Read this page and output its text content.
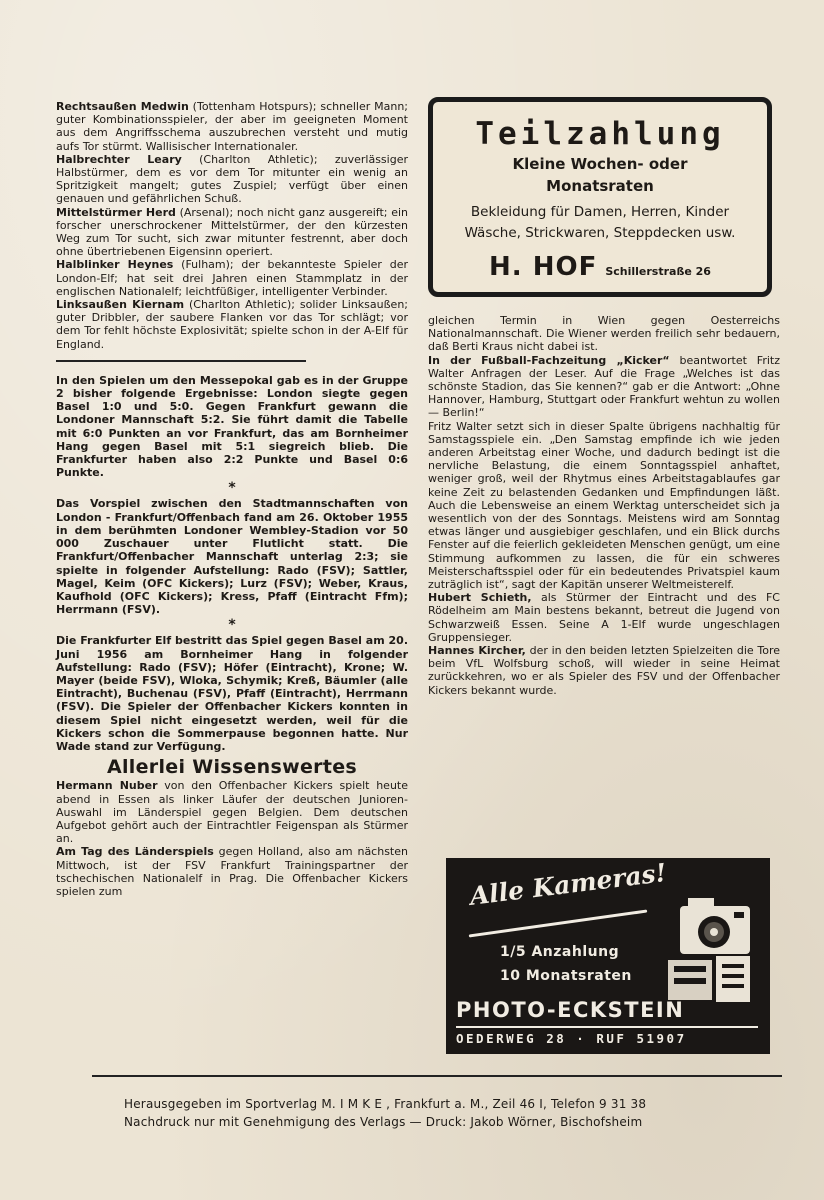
Rechtsaußen Medwin (Tottenham Hotspurs); schneller Mann; guter Kombinationsspieler, der aber im geeigneten Moment aus dem Angriffsschema auszubrechen versteht und mutig aufs Tor stürmt. Wallisischer Internationaler.

Halbrechter Leary (Charlton Athletic); zuverlässiger Halbstürmer, dem es vor dem Tor mitunter ein wenig an Spritzigkeit mangelt; gutes Zuspiel; verfügt über einen genauen und gefährlichen Schuß.

Mittelstürmer Herd (Arsenal); noch nicht ganz ausgereift; ein forscher unerschrockener Mittelstürmer, der den kürzesten Weg zum Tor sucht, sich zwar mitunter festrennt, aber doch ohne übertriebenen Eigensinn operiert.

Halblinker Heynes (Fulham); der bekannteste Spieler der London-Elf; hat seit drei Jahren einen Stammplatz in der englischen Nationalelf; leichtfüßiger, intelligenter Verbinder.

Linksaußen Kiernam (Charlton Athletic); solider Linksaußen; guter Dribbler, der saubere Flanken vor das Tor schlägt; vor dem Tor fehlt höchste Explosivität; spielte schon in der A-Elf für England.

In den Spielen um den Messepokal gab es in der Gruppe 2 bisher folgende Ergebnisse: London siegte gegen Basel 1:0 und 5:0. Gegen Frankfurt gewann die Londoner Mannschaft 5:2. Sie führt damit die Tabelle mit 6:0 Punkten an vor Frankfurt, das am Bornheimer Hang gegen Basel mit 5:1 siegreich blieb. Die Frankfurter haben also 2:2 Punkte und Basel 0:6 Punkte.

*

Das Vorspiel zwischen den Stadtmannschaften von London - Frankfurt/Offenbach fand am 26. Oktober 1955 in dem berühmten Londoner Wembley-Stadion vor 50 000 Zuschauer unter Flutlicht statt. Die Frankfurt/Offenbacher Mannschaft unterlag 2:3; sie spielte in folgender Aufstellung: Rado (FSV); Sattler, Magel, Keim (OFC Kickers); Lurz (FSV); Weber, Kraus, Kaufhold (OFC Kickers); Kress, Pfaff (Eintracht Ffm); Herrmann (FSV).

*

Die Frankfurter Elf bestritt das Spiel gegen Basel am 20. Juni 1956 am Bornheimer Hang in folgender Aufstellung: Rado (FSV); Höfer (Eintracht), Krone; W. Mayer (beide FSV), Wloka, Schymik; Kreß, Bäumler (alle Eintracht), Buchenau (FSV), Pfaff (Eintracht), Herrmann (FSV). Die Spieler der Offenbacher Kickers konnten in diesem Spiel nicht eingesetzt werden, weil für die Kickers schon die Sommerpause begonnen hatte. Nur Wade stand zur Verfügung.

Allerlei Wissenswertes

Hermann Nuber von den Offenbacher Kickers spielt heute abend in Essen als linker Läufer der deutschen Junioren-Auswahl im Länderspiel gegen Belgien. Dem deutschen Aufgebot gehört auch der Eintrachtler Feigenspan als Stürmer an.

Am Tag des Länderspiels gegen Holland, also am nächsten Mittwoch, ist der FSV Frankfurt Trainingspartner der tschechischen Nationalelf in Prag. Die Offenbacher Kickers spielen zum

Teilzahlung
Kleine Wochen- oder
Monatsraten
Bekleidung für Damen, Herren, Kinder
Wäsche, Strickwaren, Steppdecken usw.
H. HOF Schillerstraße 26

gleichen Termin in Wien gegen Oesterreichs Nationalmannschaft. Die Wiener werden freilich sehr bedauern, daß Berti Kraus nicht dabei ist.

In der Fußball-Fachzeitung „Kicker“ beantwortet Fritz Walter Anfragen der Leser. Auf die Frage „Welches ist das schönste Stadion, das Sie kennen?“ gab er die Antwort: „Ohne Hannover, Hamburg, Stuttgart oder Frankfurt wehtun zu wollen — Berlin!“

Fritz Walter setzt sich in dieser Spalte übrigens nachhaltig für Samstagsspiele ein. „Den Samstag empfinde ich wie jeden anderen Arbeitstag einer Woche, und dadurch bedingt ist die nervliche Belastung, die einem Sonntagsspiel anhaftet, weniger groß, weil der Rhytmus eines Arbeitstagablaufes gar keine Zeit zu belastenden Gedanken und Empfindungen läßt. Auch die Lebensweise an einem Werktag unterscheidet sich ja wesentlich von der des Sonntags. Meistens wird am Sonntag etwas länger und ausgiebiger geschlafen, und ein Blick durchs Fenster auf die feierlich gekleideten Menschen genügt, um eine Stimmung aufkommen zu lassen, die für ein schweres Meisterschaftsspiel oder für ein bedeutendes Privatspiel kaum zuträglich ist“, sagt der Kapitän unserer Weltmeisterelf.

Hubert Schieth, als Stürmer der Eintracht und des FC Rödelheim am Main bestens bekannt, betreut die Jugend von Schwarzweiß Essen. Seine A 1-Elf wurde ungeschlagen Gruppensieger.

Hannes Kircher, der in den beiden letzten Spielzeiten die Tore beim VfL Wolfsburg schoß, will wieder in seine Heimat zurückkehren, wo er als Spieler des FSV und der Offenbacher Kickers bekannt wurde.

Alle Kameras!
1/5 Anzahlung
10 Monatsraten
PHOTO-ECKSTEIN
OEDERWEG 28 · RUF 51907

Herausgegeben im Sportverlag M. I M K E , Frankfurt a. M., Zeil 46 I, Telefon 9 31 38

Nachdruck nur mit Genehmigung des Verlags — Druck: Jakob Wörner, Bischofsheim
